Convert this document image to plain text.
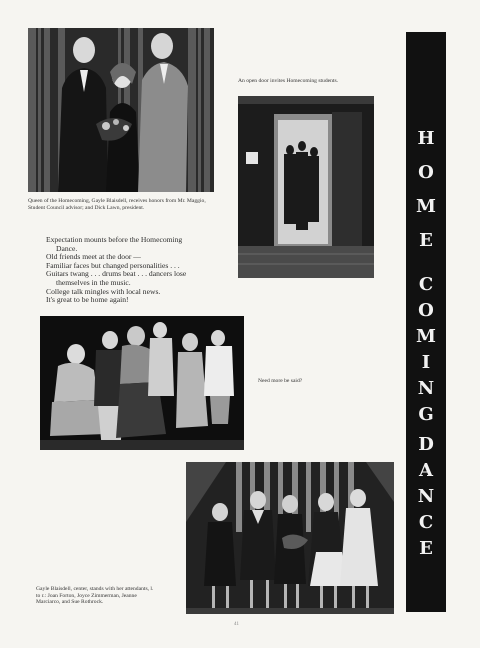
Queen of the Homecoming, Gayle Blaisdell, receives honors from Mr. Maggio, Student Council advisor; and Dick Lawn, president.
An open door invites Homecoming students.
Expectation mounts before the Homecoming
Dance.
Old friends meet at the door —
Familiar faces but changed personalities . . .
Guitars twang . . . drums beat . . . dancers lose
themselves in the music.
College talk mingles with local news.
It's great to be home again!
Need more be said?
Gayle Blaisdell, center, stands with her attendants, l. to r.: Joan Forton, Joyce Zimmerman, Jeanne Marciarco, and Sue Rothrock.
H
O
M
E
C
O
M
I
N
G
D
A
N
C
E
41
